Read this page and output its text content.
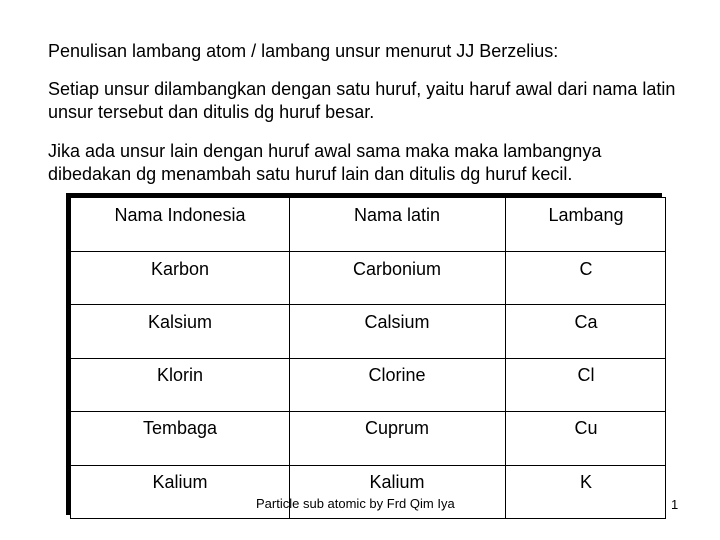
Penulisan lambang atom / lambang unsur menurut JJ Berzelius:

Setiap unsur dilambangkan dengan satu huruf, yaitu haruf awal dari nama latin unsur tersebut dan ditulis dg huruf besar.

Jika ada unsur lain dengan huruf awal sama maka maka lambangnya dibedakan dg menambah satu huruf lain dan ditulis dg huruf kecil.

Nama Indonesia	Nama latin	Lambang
Karbon	Carbonium	C
Kalsium	Calsium	Ca
Klorin	Clorine	Cl
Tembaga	Cuprum	Cu
Kalium	Kalium	K
Particle sub atomic by Frd Qim Iya	1
